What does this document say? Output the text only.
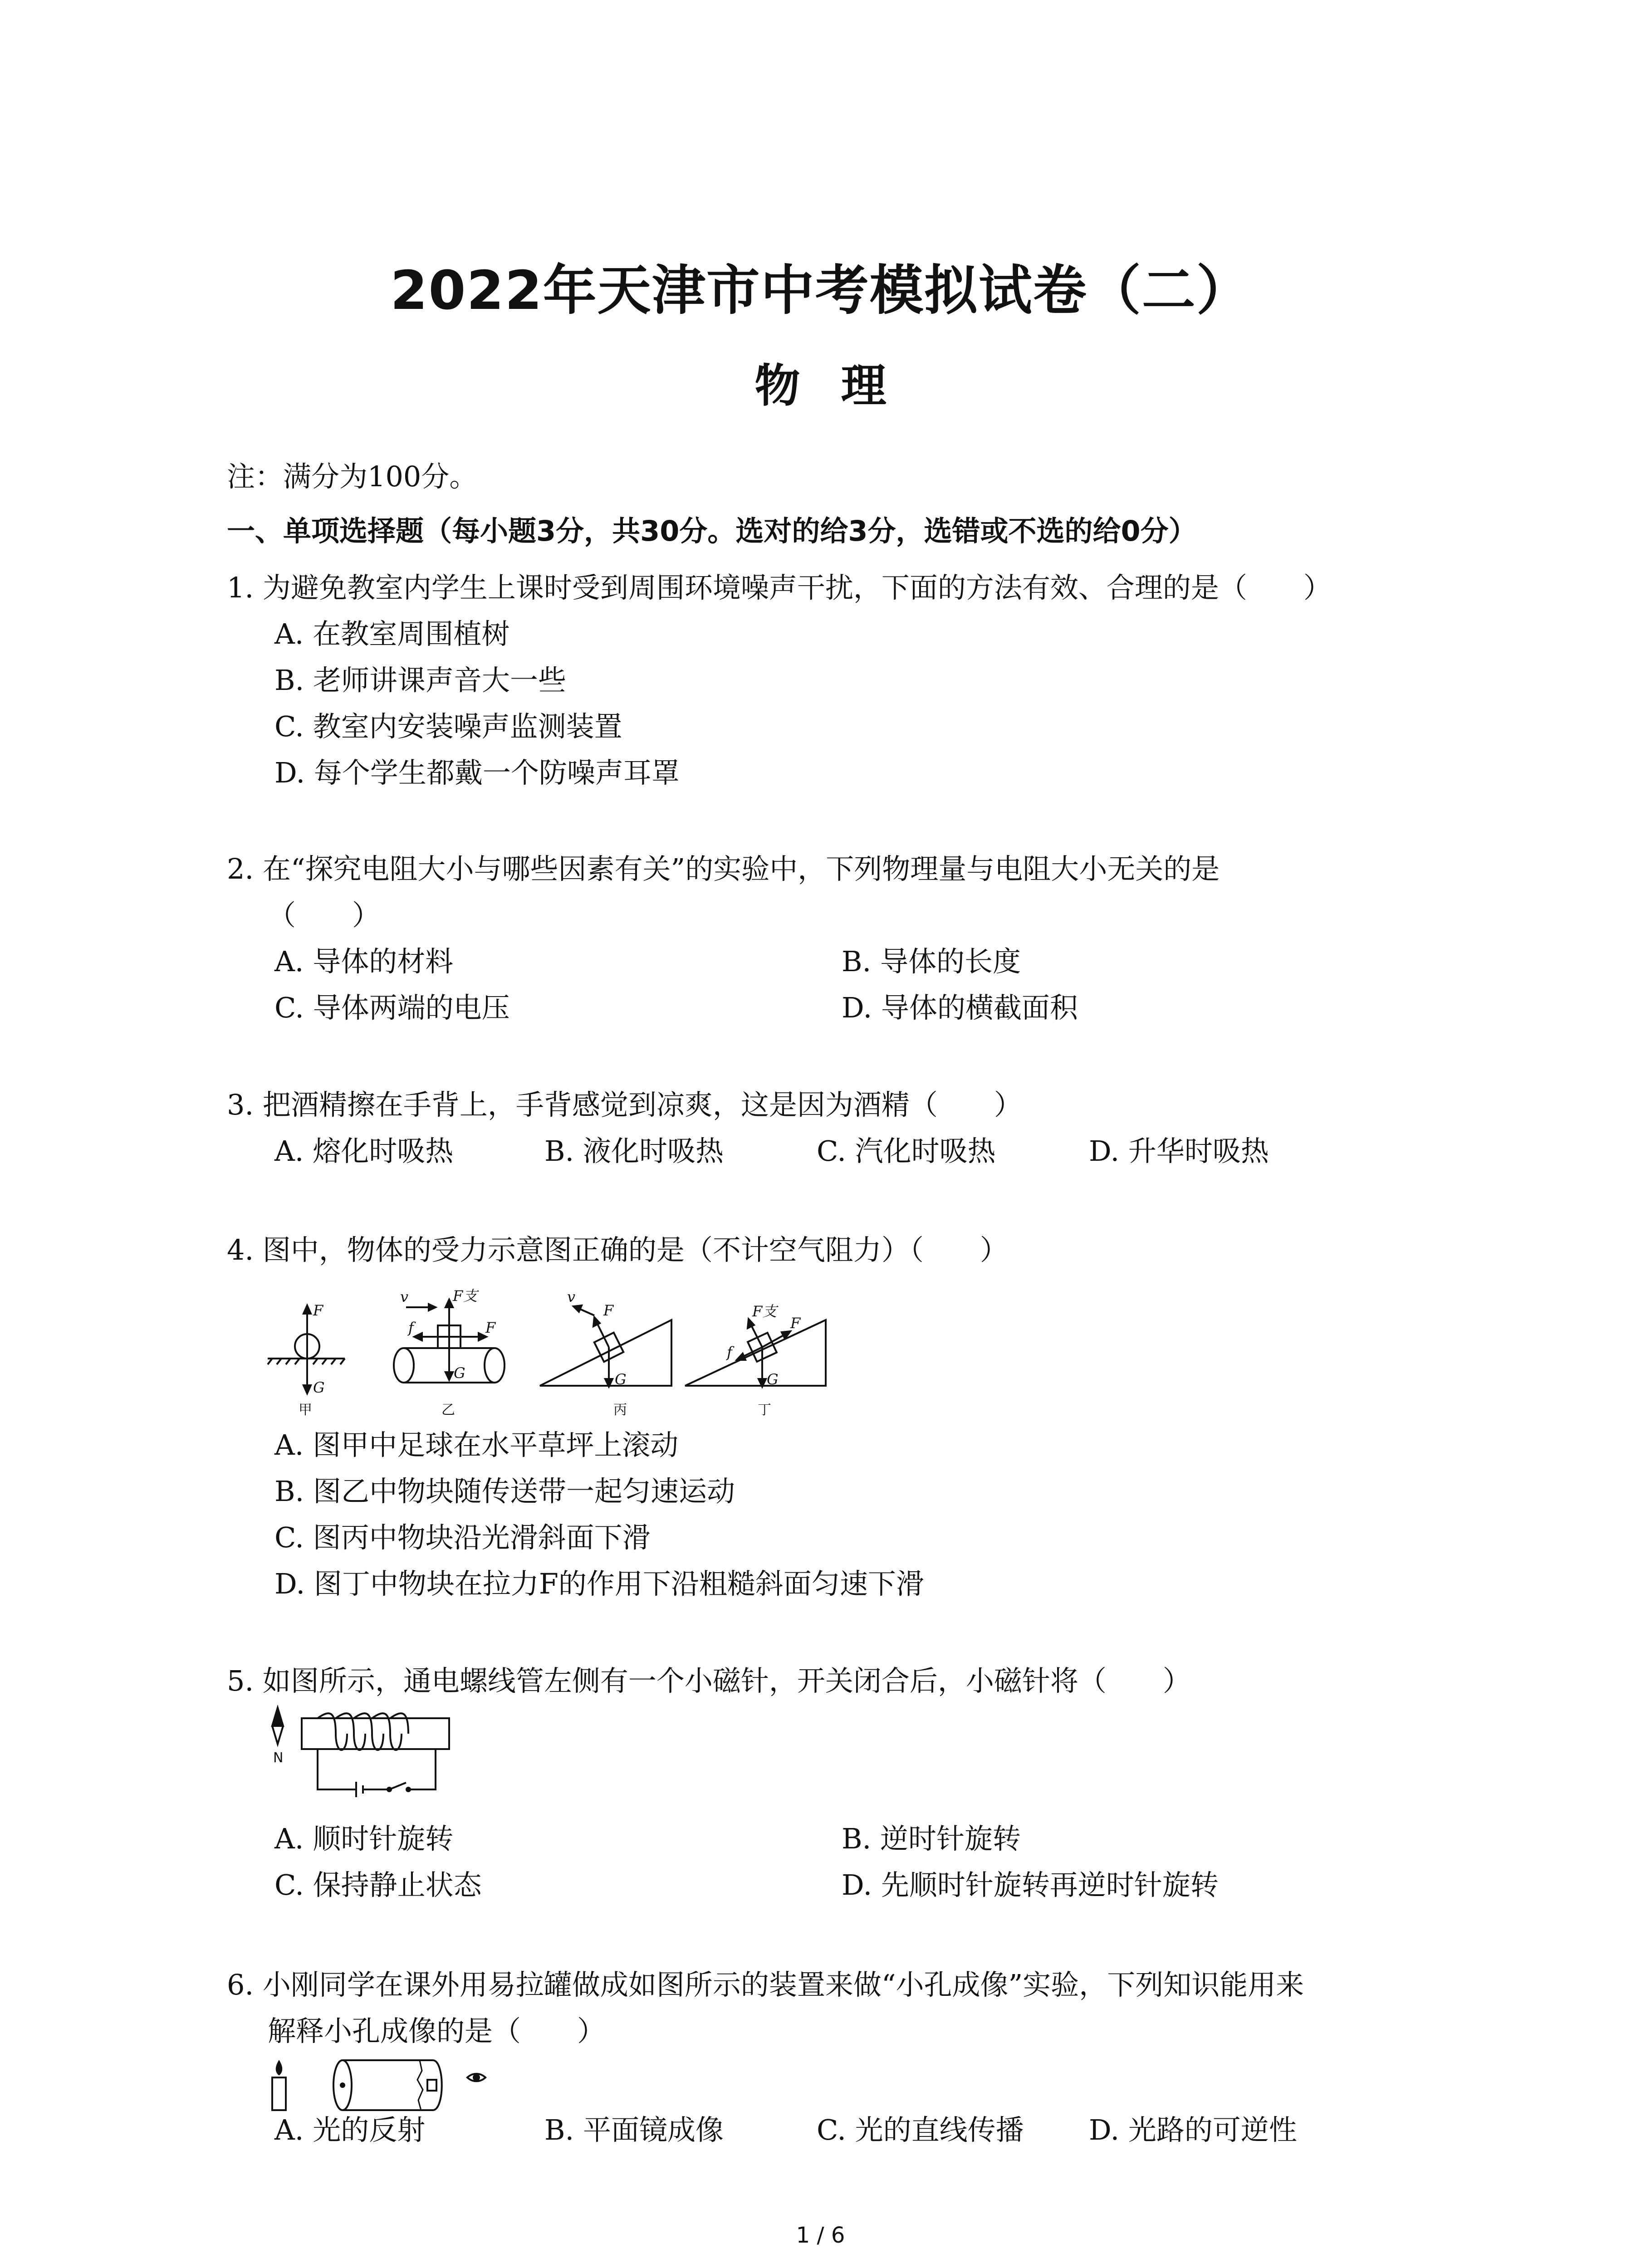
2022年天津市中考模拟试卷（二）
物 理
注：满分为100分。
一、单项选择题（每小题3分，共30分。选对的给3分，选错或不选的给0分）
1. 为避免教室内学生上课时受到周围环境噪声干扰，下面的方法有效、合理的是（　　）
A. 在教室周围植树
B. 老师讲课声音大一些
C. 教室内安装噪声监测装置
D. 每个学生都戴一个防噪声耳罩
2. 在“探究电阻大小与哪些因素有关”的实验中，下列物理量与电阻大小无关的是
（　　）
A. 导体的材料	B. 导体的长度
C. 导体两端的电压	D. 导体的横截面积
3. 把酒精擦在手背上，手背感觉到凉爽，这是因为酒精（　　）
A. 熔化时吸热	B. 液化时吸热	C. 汽化时吸热	D. 升华时吸热
4. 图中，物体的受力示意图正确的是（不计空气阻力）（　　）
F
G
甲
v	F支
f	F
G
乙
v
F
G
丙
F支
F
f
G
丁
A. 图甲中足球在水平草坪上滚动
B. 图乙中物块随传送带一起匀速运动
C. 图丙中物块沿光滑斜面下滑
D. 图丁中物块在拉力F的作用下沿粗糙斜面匀速下滑
5. 如图所示，通电螺线管左侧有一个小磁针，开关闭合后，小磁针将（　　）
N
A. 顺时针旋转	B. 逆时针旋转
C. 保持静止状态	D. 先顺时针旋转再逆时针旋转
6. 小刚同学在课外用易拉罐做成如图所示的装置来做“小孔成像”实验，下列知识能用来
解释小孔成像的是（　　）
A. 光的反射	B. 平面镜成像	C. 光的直线传播 D. 光路的可逆性
1 / 6
